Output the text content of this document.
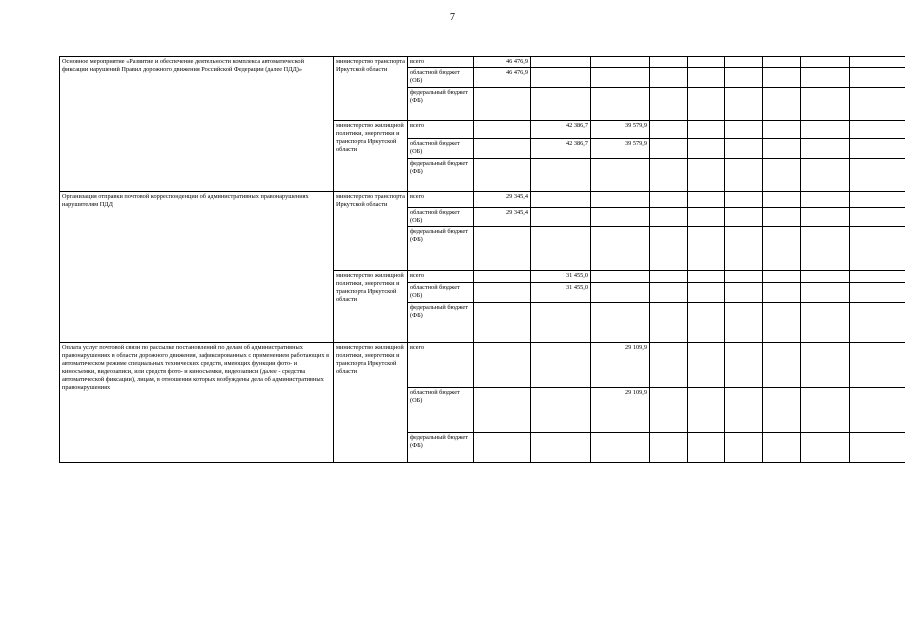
7
Основное мероприятие «Развитие и обеспечение деятельности комплекса автоматической фиксации нарушений Правил дорожного движения Российской Федерации (далее ПДД)»	министерство транспорта Иркутской области	всего	46 476,9								
		областной бюджет (ОБ)	46 476,9								
		федеральный бюджет (ФБ)									
	министерство жилищной политики, энергетики и транспорта Иркутской области	всего		42 386,7	39 579,9						
		областной бюджет (ОБ)		42 386,7	39 579,9						
		федеральный бюджет (ФБ)									
Организация отправки почтовой корреспонденции об административных правонарушениях нарушителям ПДД	министерство транспорта Иркутской области	всего	29 345,4								
		областной бюджет (ОБ)	29 345,4								
		федеральный бюджет (ФБ)									
	министерство жилищной политики, энергетики и транспорта Иркутской области	всего		31 455,0							
		областной бюджет (ОБ)		31 455,0							
		федеральный бюджет (ФБ)									
Оплата услуг почтовой связи по рассылке постановлений по делам об административных правонарушениях в области дорожного движения, зафиксированных с применением работающих в автоматическом режиме специальных технических средств, имеющих функции фото- и киносъемки, видеозаписи, или средств фото- и киносъемки, видеозаписи (далее - средства автоматической фиксации), лицам, в отношении которых возбуждены дела об административных правонарушениях	министерство жилищной политики, энергетики и транспорта Иркутской области	всего			29 109,9						
		областной бюджет (ОБ)			29 109,9						
		федеральный бюджет (ФБ)									
